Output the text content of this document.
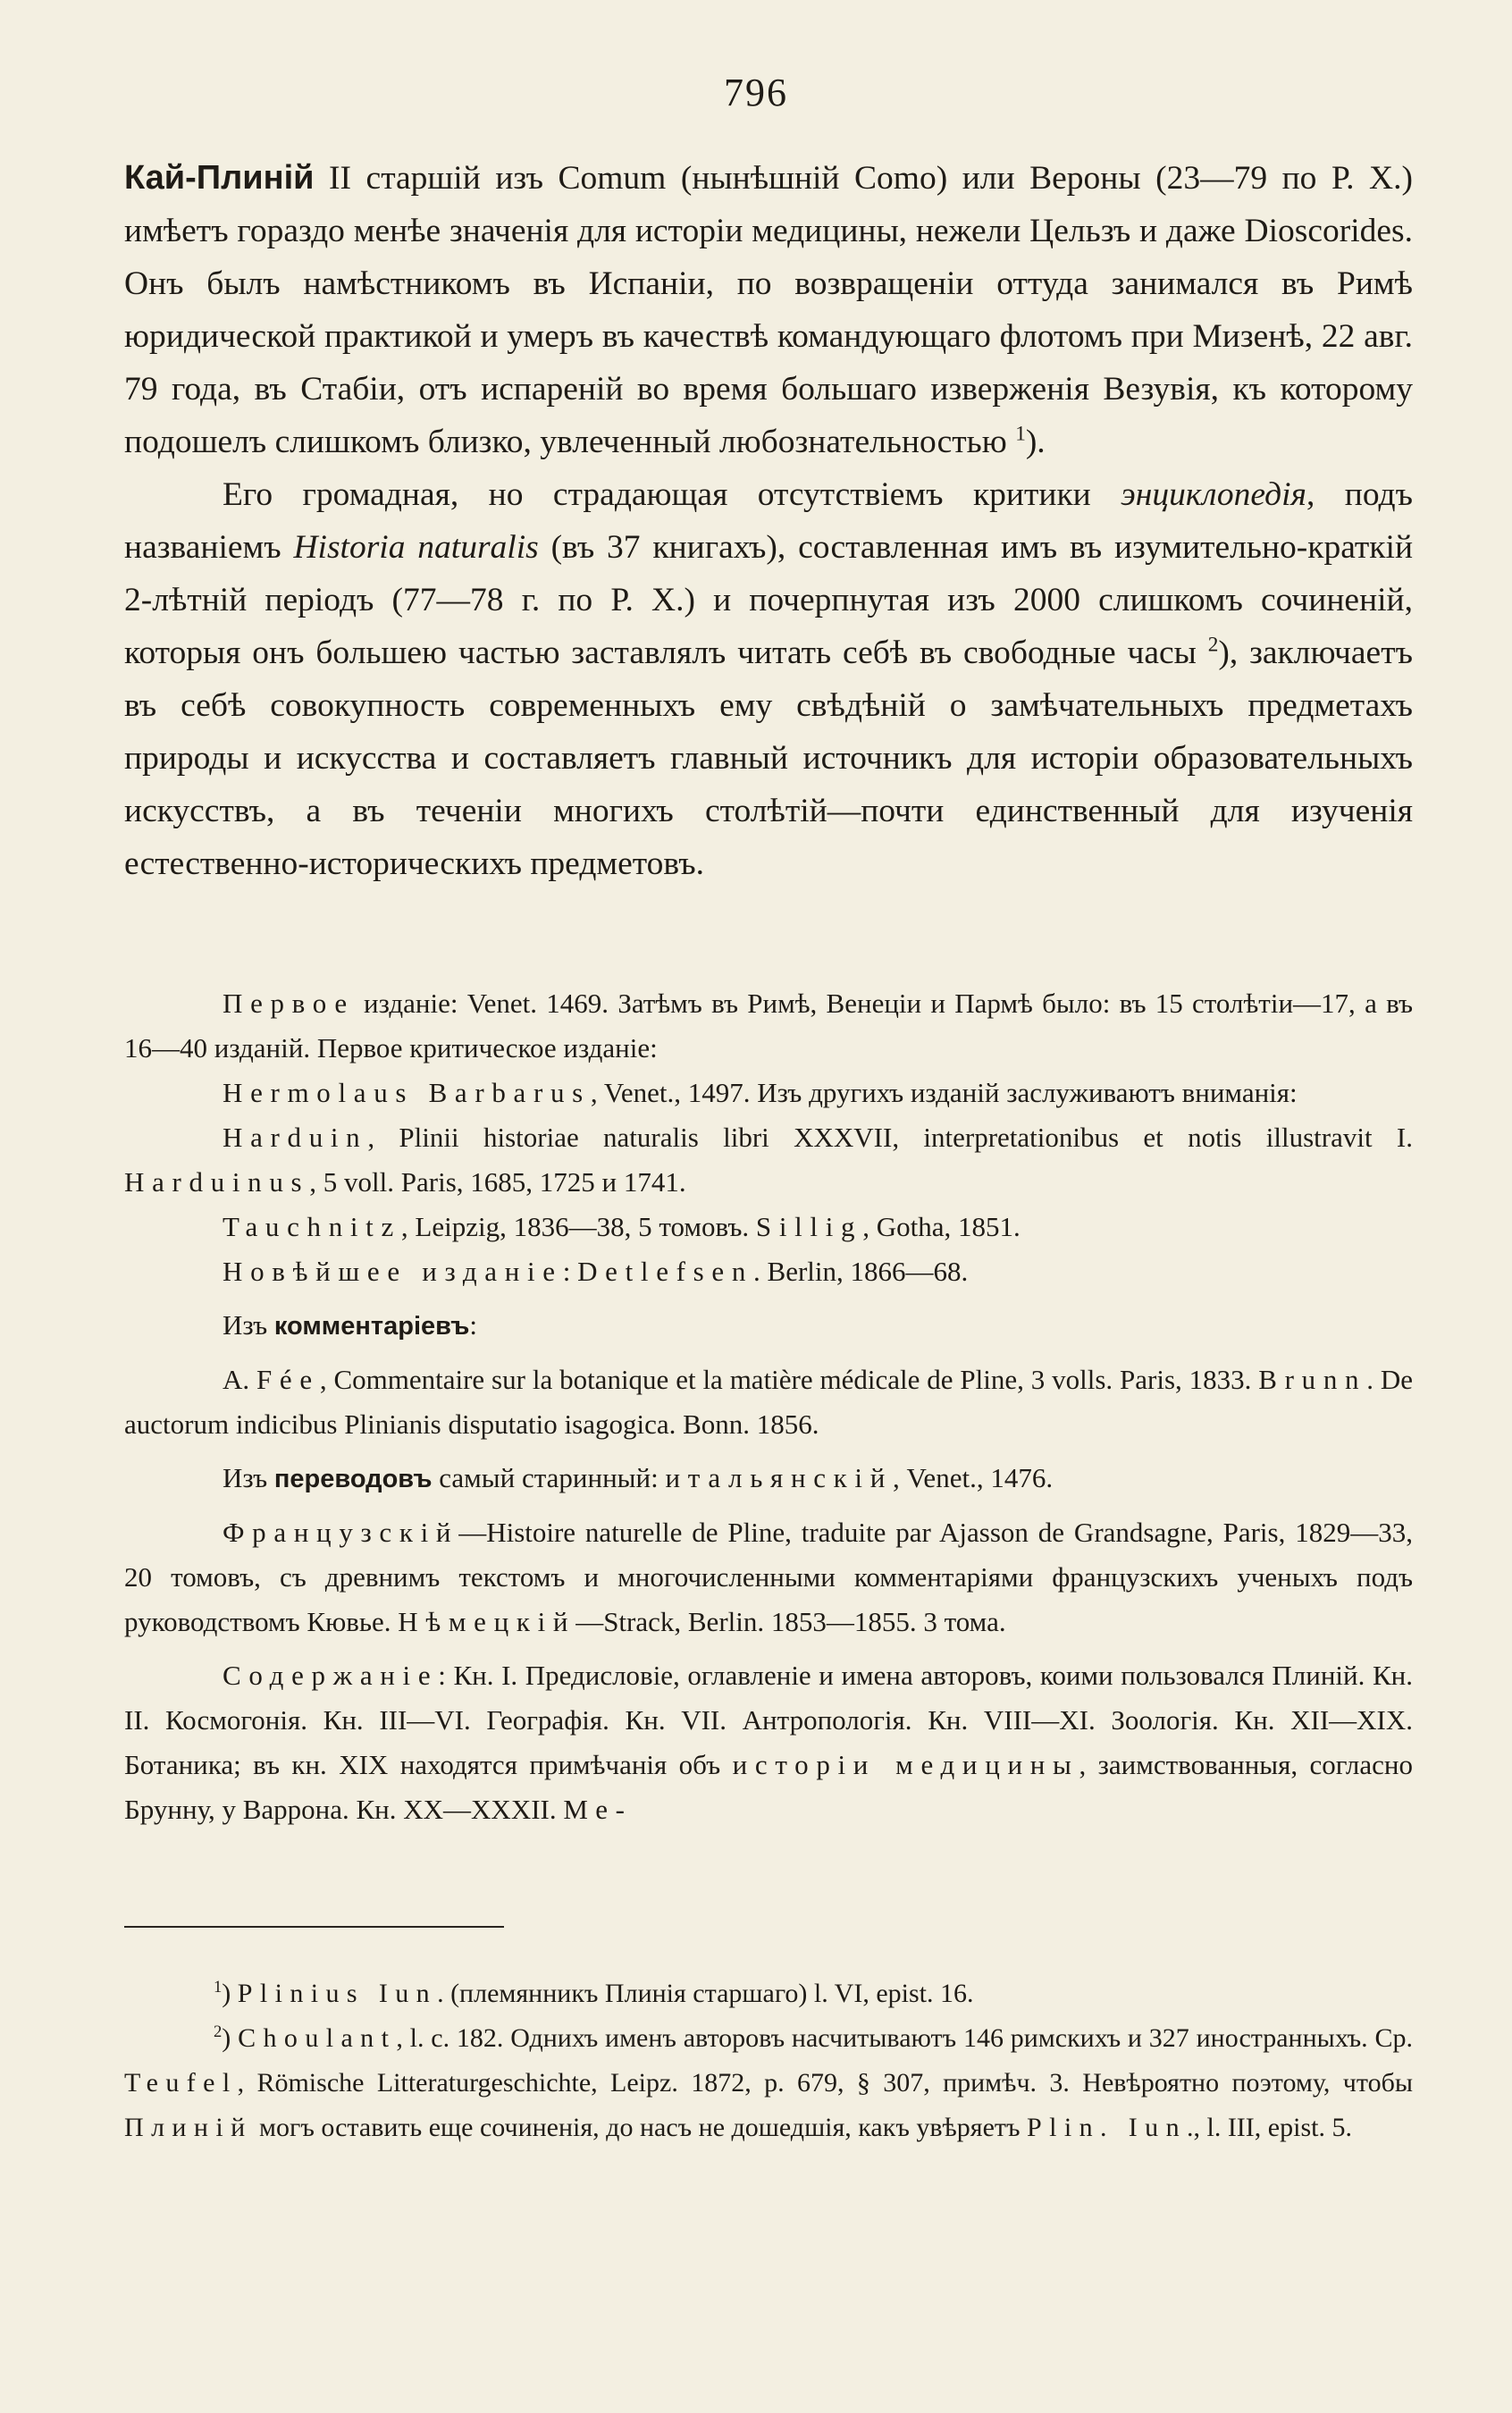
796

Кай-Плиній II старшій изъ Comum (нынѣшній Como) или Вероны (23—79 по Р. Х.) имѣетъ гораздо менѣе значенія для исторіи медицины, нежели Цельзъ и даже Dioscorides. Онъ былъ намѣстникомъ въ Испаніи, по возвращеніи оттуда занимался въ Римѣ юридической практикой и умеръ въ качествѣ командующаго флотомъ при Мизенѣ, 22 авг. 79 года, въ Стабіи, отъ испареній во время большаго изверженія Везувія, къ которому подошелъ слишкомъ близко, увлеченный любознательностью $^1$).

Его громадная, но страдающая отсутствіемъ критики энциклопедія, подъ названіемъ Historia naturalis (въ 37 книгахъ), составленная имъ въ изумительно-краткій 2-лѣтній періодъ (77—78 г. по Р. Х.) и почерпнутая изъ 2000 слишкомъ сочиненій, которыя онъ большею частью заставлялъ читать себѣ въ свободные часы $^2$), заключаетъ въ себѣ совокупность современныхъ ему свѣдѣній о замѣчательныхъ предметахъ природы и искусства и составляетъ главный источникъ для исторіи образовательныхъ искусствъ, а въ теченіи многихъ столѣтій—почти единственный для изученія естественно-историческихъ предметовъ.

Первое изданіе: Venet. 1469. Затѣмъ въ Римѣ, Венеціи и Пармѣ было: въ 15 столѣтіи—17, а въ 16—40 изданій. Первое критическое изданіе:

Hermolaus Barbarus, Venet., 1497. Изъ другихъ изданій заслуживаютъ вниманія:

Harduin, Plinii historiae naturalis libri XXXVII, interpretationibus et notis illustravit I. Harduinus, 5 voll. Paris, 1685, 1725 и 1741.

Tauchnitz, Leipzig, 1836—38, 5 томовъ. Sillig, Gotha, 1851.

Новѣйшее изданіе: Detlefsen. Berlin, 1866—68.

Изъ комментаріевъ:

A. Fée, Commentaire sur la botanique et la matière médicale de Pline, 3 volls. Paris, 1833. Brunn. De auctorum indicibus Plinianis disputatio isagogica. Bonn. 1856.

Изъ переводовъ самый старинный: итальянскій, Venet., 1476.

Французскій—Histoire naturelle de Pline, traduite par Ajasson de Grandsagne, Paris, 1829—33, 20 томовъ, съ древнимъ текстомъ и многочисленными комментаріями французскихъ ученыхъ подъ руководствомъ Кювье. Нѣмецкій—Strack, Berlin. 1853—1855. 3 тома.

Содержаніе: Кн. I. Предисловіе, оглавленіе и имена авторовъ, коими пользовался Плиній. Кн. II. Космогонія. Кн. III—VI. Географія. Кн. VII. Антропологія. Кн. VIII—XI. Зоологія. Кн. XII—XIX. Ботаника; въ кн. XIX находятся примѣчанія объ исторіи медицины, заимствованныя, согласно Брунну, у Варрона. Кн. XX—XXXII. Ме-

$^1$) Plinius Iun. (племянникъ Плинія старшаго) l. VI, epist. 16.

$^2$) Choulant, l. c. 182. Однихъ именъ авторовъ насчитываютъ 146 римскихъ и 327 иностранныхъ. Ср. Teufel, Römische Litteraturgeschichte, Leipz. 1872, p. 679, § 307, примѣч. 3. Невѣроятно поэтому, чтобы Плиній могъ оставить еще сочиненія, до насъ не дошедшія, какъ увѣряетъ Plin. Iun., l. III, epist. 5.
